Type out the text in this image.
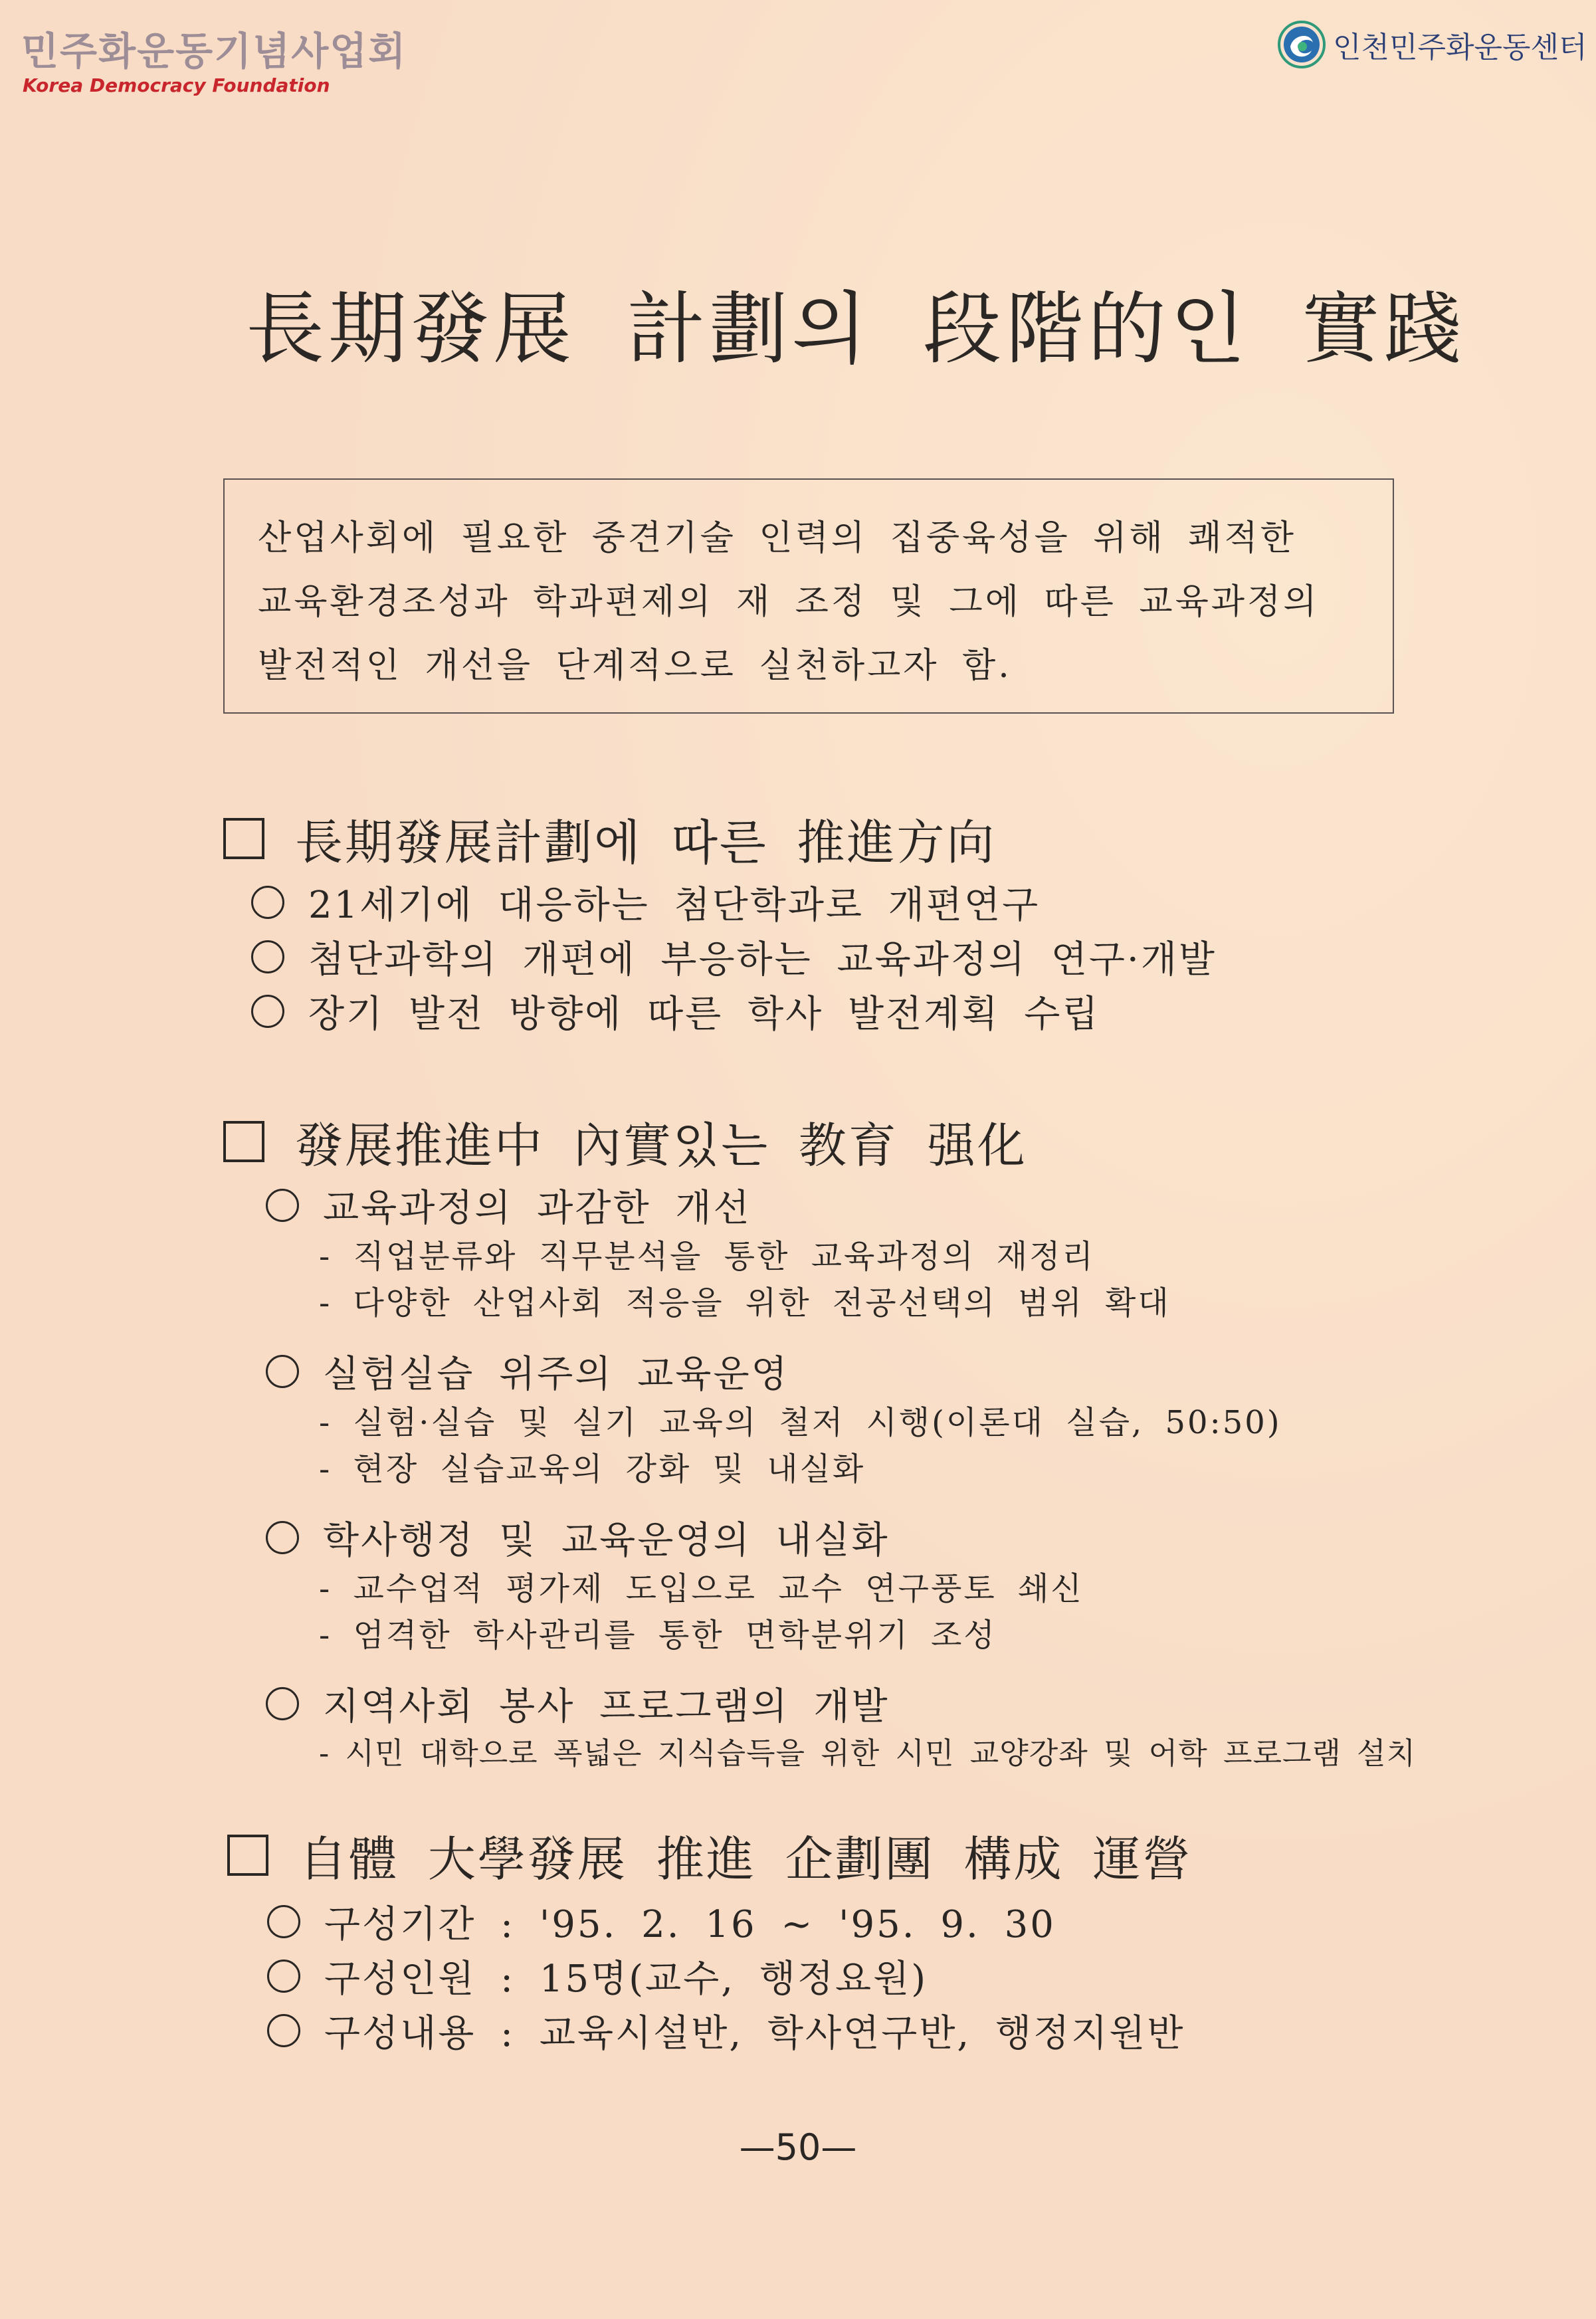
민주화운동기념사업회
Korea Democracy Foundation
인천민주화운동센터
長期發展 計劃의 段階的인 實踐
산업사회에 필요한 중견기술 인력의 집중육성을 위해 쾌적한
교육환경조성과 학과편제의 재 조정 및 그에 따른 교육과정의
발전적인 개선을 단계적으로 실천하고자 함.
長期發展計劃에 따른 推進方向
21세기에 대응하는 첨단학과로 개편연구
첨단과학의 개편에 부응하는 교육과정의 연구·개발
장기 발전 방향에 따른 학사 발전계획 수립
發展推進中 內實있는 教育 强化
교육과정의 과감한 개선
- 직업분류와 직무분석을 통한 교육과정의 재정리
- 다양한 산업사회 적응을 위한 전공선택의 범위 확대
실험실습 위주의 교육운영
- 실험·실습 및 실기 교육의 철저 시행(이론대 실습, 50:50)
- 현장 실습교육의 강화 및 내실화
학사행정 및 교육운영의 내실화
- 교수업적 평가제 도입으로 교수 연구풍토 쇄신
- 엄격한 학사관리를 통한 면학분위기 조성
지역사회 봉사 프로그램의 개발
- 시민 대학으로 폭넓은 지식습득을 위한 시민 교양강좌 및 어학 프로그램 설치
自體 大學發展 推進 企劃團 構成 運營
구성기간 : '95. 2. 16 ~ '95. 9. 30
구성인원 : 15명(교수, 행정요원)
구성내용 : 교육시설반, 학사연구반, 행정지원반
—50—
